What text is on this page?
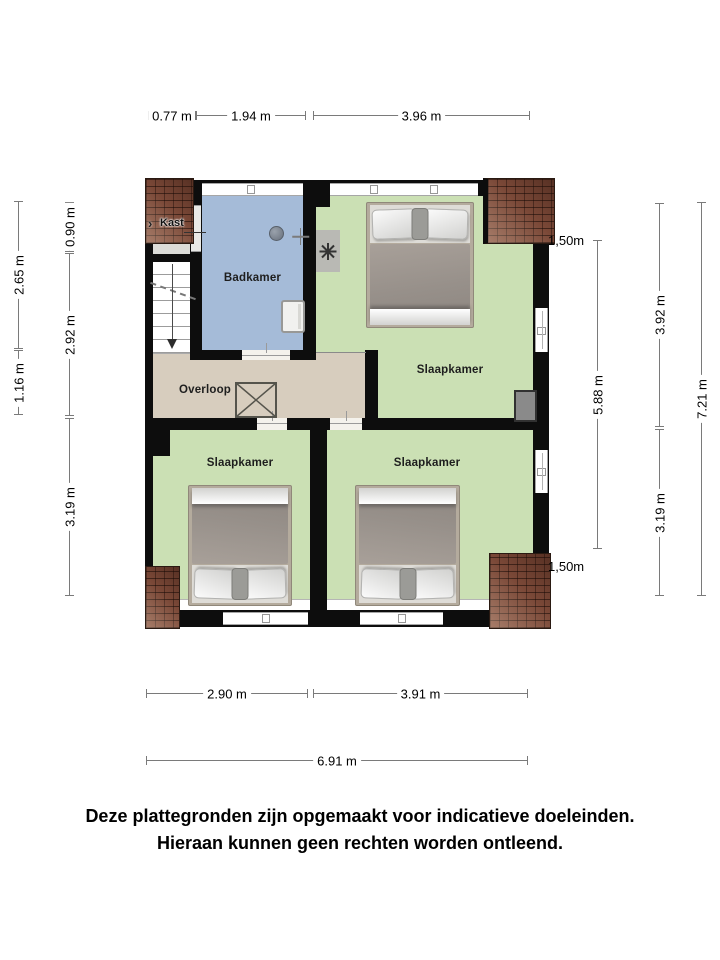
› Kast
Badkamer
Overloop
Slaapkamer
Slaapkamer	Slaapkamer
0.77 m	1.94 m	3.96 m
2.65 m
1.16 m
0.90 m
2.92 m
3.19 m
1,50m
1,50m
5.88 m
3.92 m
3.19 m
7.21 m
2.90 m	3.91 m
6.91 m
Deze plattegronden zijn opgemaakt voor indicatieve doeleinden.
Hieraan kunnen geen rechten worden ontleend.
